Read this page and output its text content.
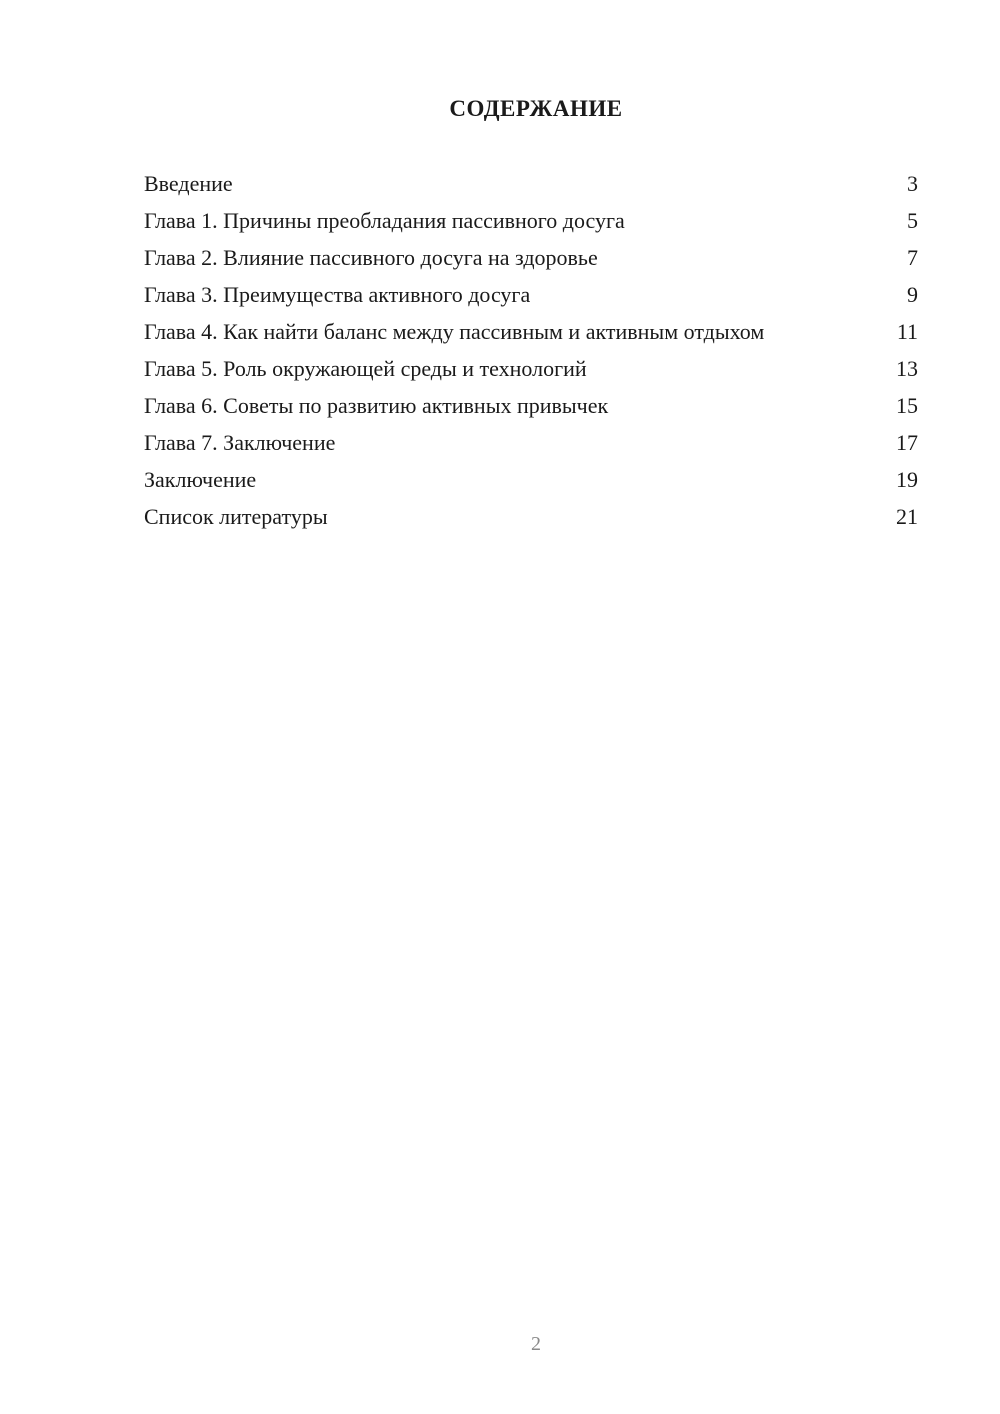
СОДЕРЖАНИЕ
Введение	3
Глава 1. Причины преобладания пассивного досуга	5
Глава 2. Влияние пассивного досуга на здоровье	7
Глава 3. Преимущества активного досуга	9
Глава 4. Как найти баланс между пассивным и активным отдыхом	11
Глава 5. Роль окружающей среды и технологий	13
Глава 6. Советы по развитию активных привычек	15
Глава 7. Заключение	17
Заключение	19
Список литературы	21
2
